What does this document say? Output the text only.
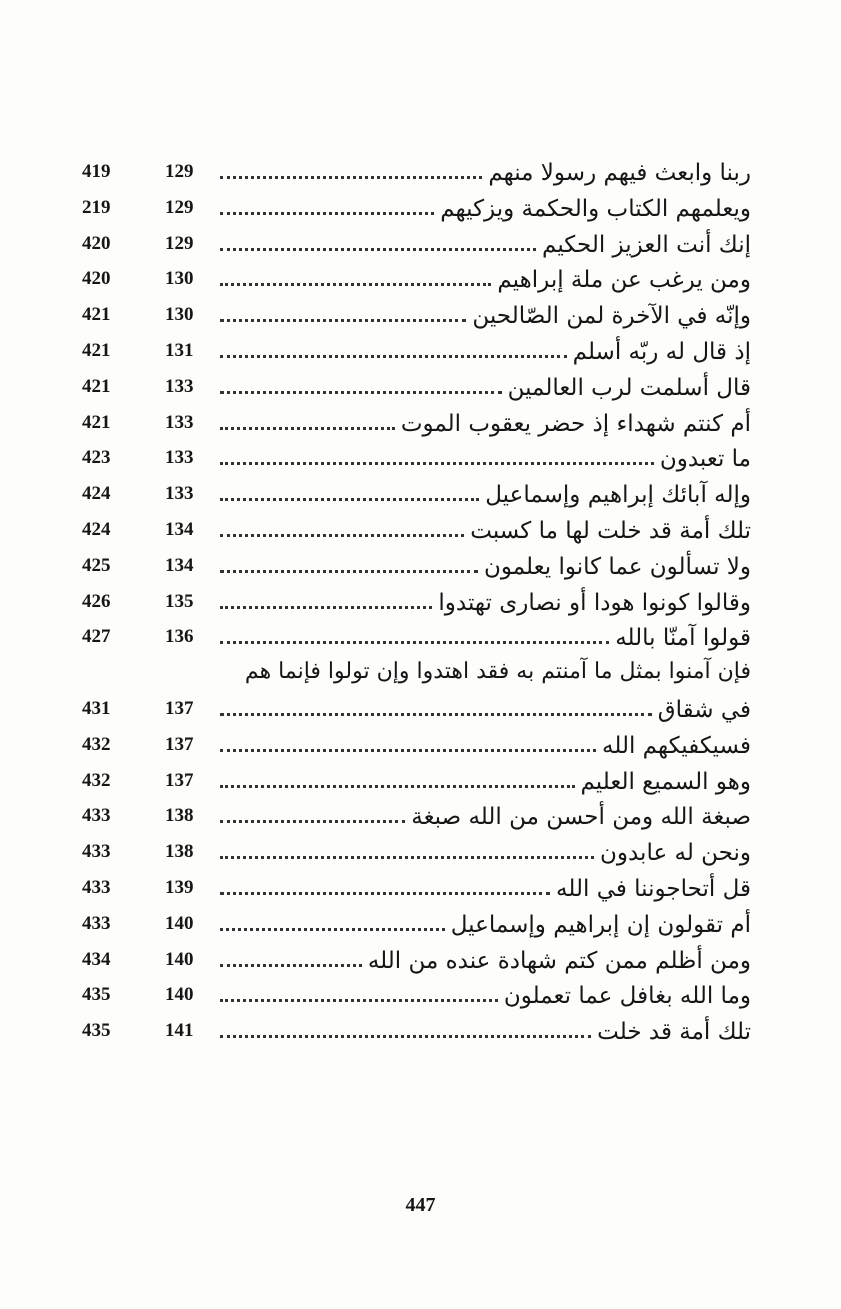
419	129	ربنا وابعث فيهم رسولا منهم
219	129	ويعلمهم الكتاب والحكمة ويزكيهم
420	129	إنك أنت العزيز الحكيم
420	130	ومن يرغب عن ملة إبراهيم
421	130	وإنّه في الآخرة لمن الصّالحين
421	131	إذ قال له ربّه أسلم
421	133	قال أسلمت لرب العالمين
421	133	أم كنتم شهداء إذ حضر يعقوب الموت
423	133	ما تعبدون
424	133	وإله آبائك إبراهيم وإسماعيل
424	134	تلك أمة قد خلت لها ما كسبت
425	134	ولا تسألون عما كانوا يعلمون
426	135	وقالوا كونوا هودا أو نصارى تهتدوا
427	136	قولوا آمنّا بالله
فإن آمنوا بمثل ما آمنتم به فقد اهتدوا وإن تولوا فإنما هم
431	137	في شقاق
432	137	فسيكفيكهم الله
432	137	وهو السميع العليم
433	138	صبغة الله ومن أحسن من الله صبغة
433	138	ونحن له عابدون
433	139	قل أتحاجوننا في الله
433	140	أم تقولون إن إبراهيم وإسماعيل
434	140	ومن أظلم ممن كتم شهادة عنده من الله
435	140	وما الله بغافل عما تعملون
435	141	تلك أمة قد خلت
447
